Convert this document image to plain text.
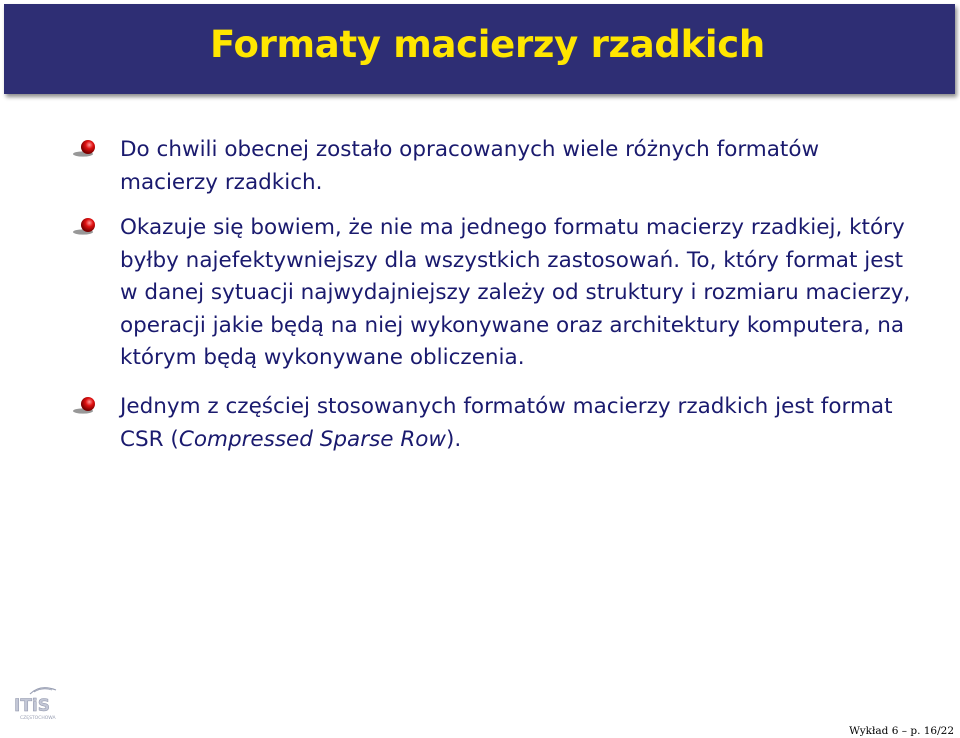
Formaty macierzy rzadkich
Do chwili obecnej zostało opracowanych wiele różnych formatów macierzy rzadkich.
Okazuje się bowiem, że nie ma jednego formatu macierzy rzadkiej, który byłby najefektywniejszy dla wszystkich zastosowań. To, który format jest w danej sytuacji najwydajniejszy zależy od struktury i rozmiaru macierzy, operacji jakie będą na niej wykonywane oraz architektury komputera, na którym będą wykonywane obliczenia.
Jednym z częściej stosowanych formatów macierzy rzadkich jest format CSR (Compressed Sparse Row).
ITiS
CZĘSTOCHOWA
Wykład 6 – p. 16/22
